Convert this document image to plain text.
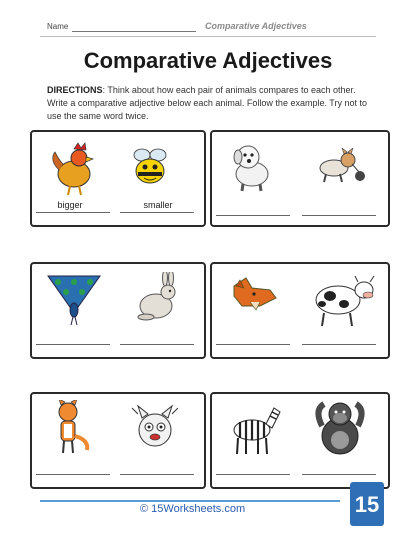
Name	Comparative Adjectives
Comparative Adjectives
DIRECTIONS: Think about how each pair of animals compares to each other. Write a comparative adjective below each animal. Follow the example. Try not to use the same word twice.
bigger	smaller
© 15Worksheets.com	15
